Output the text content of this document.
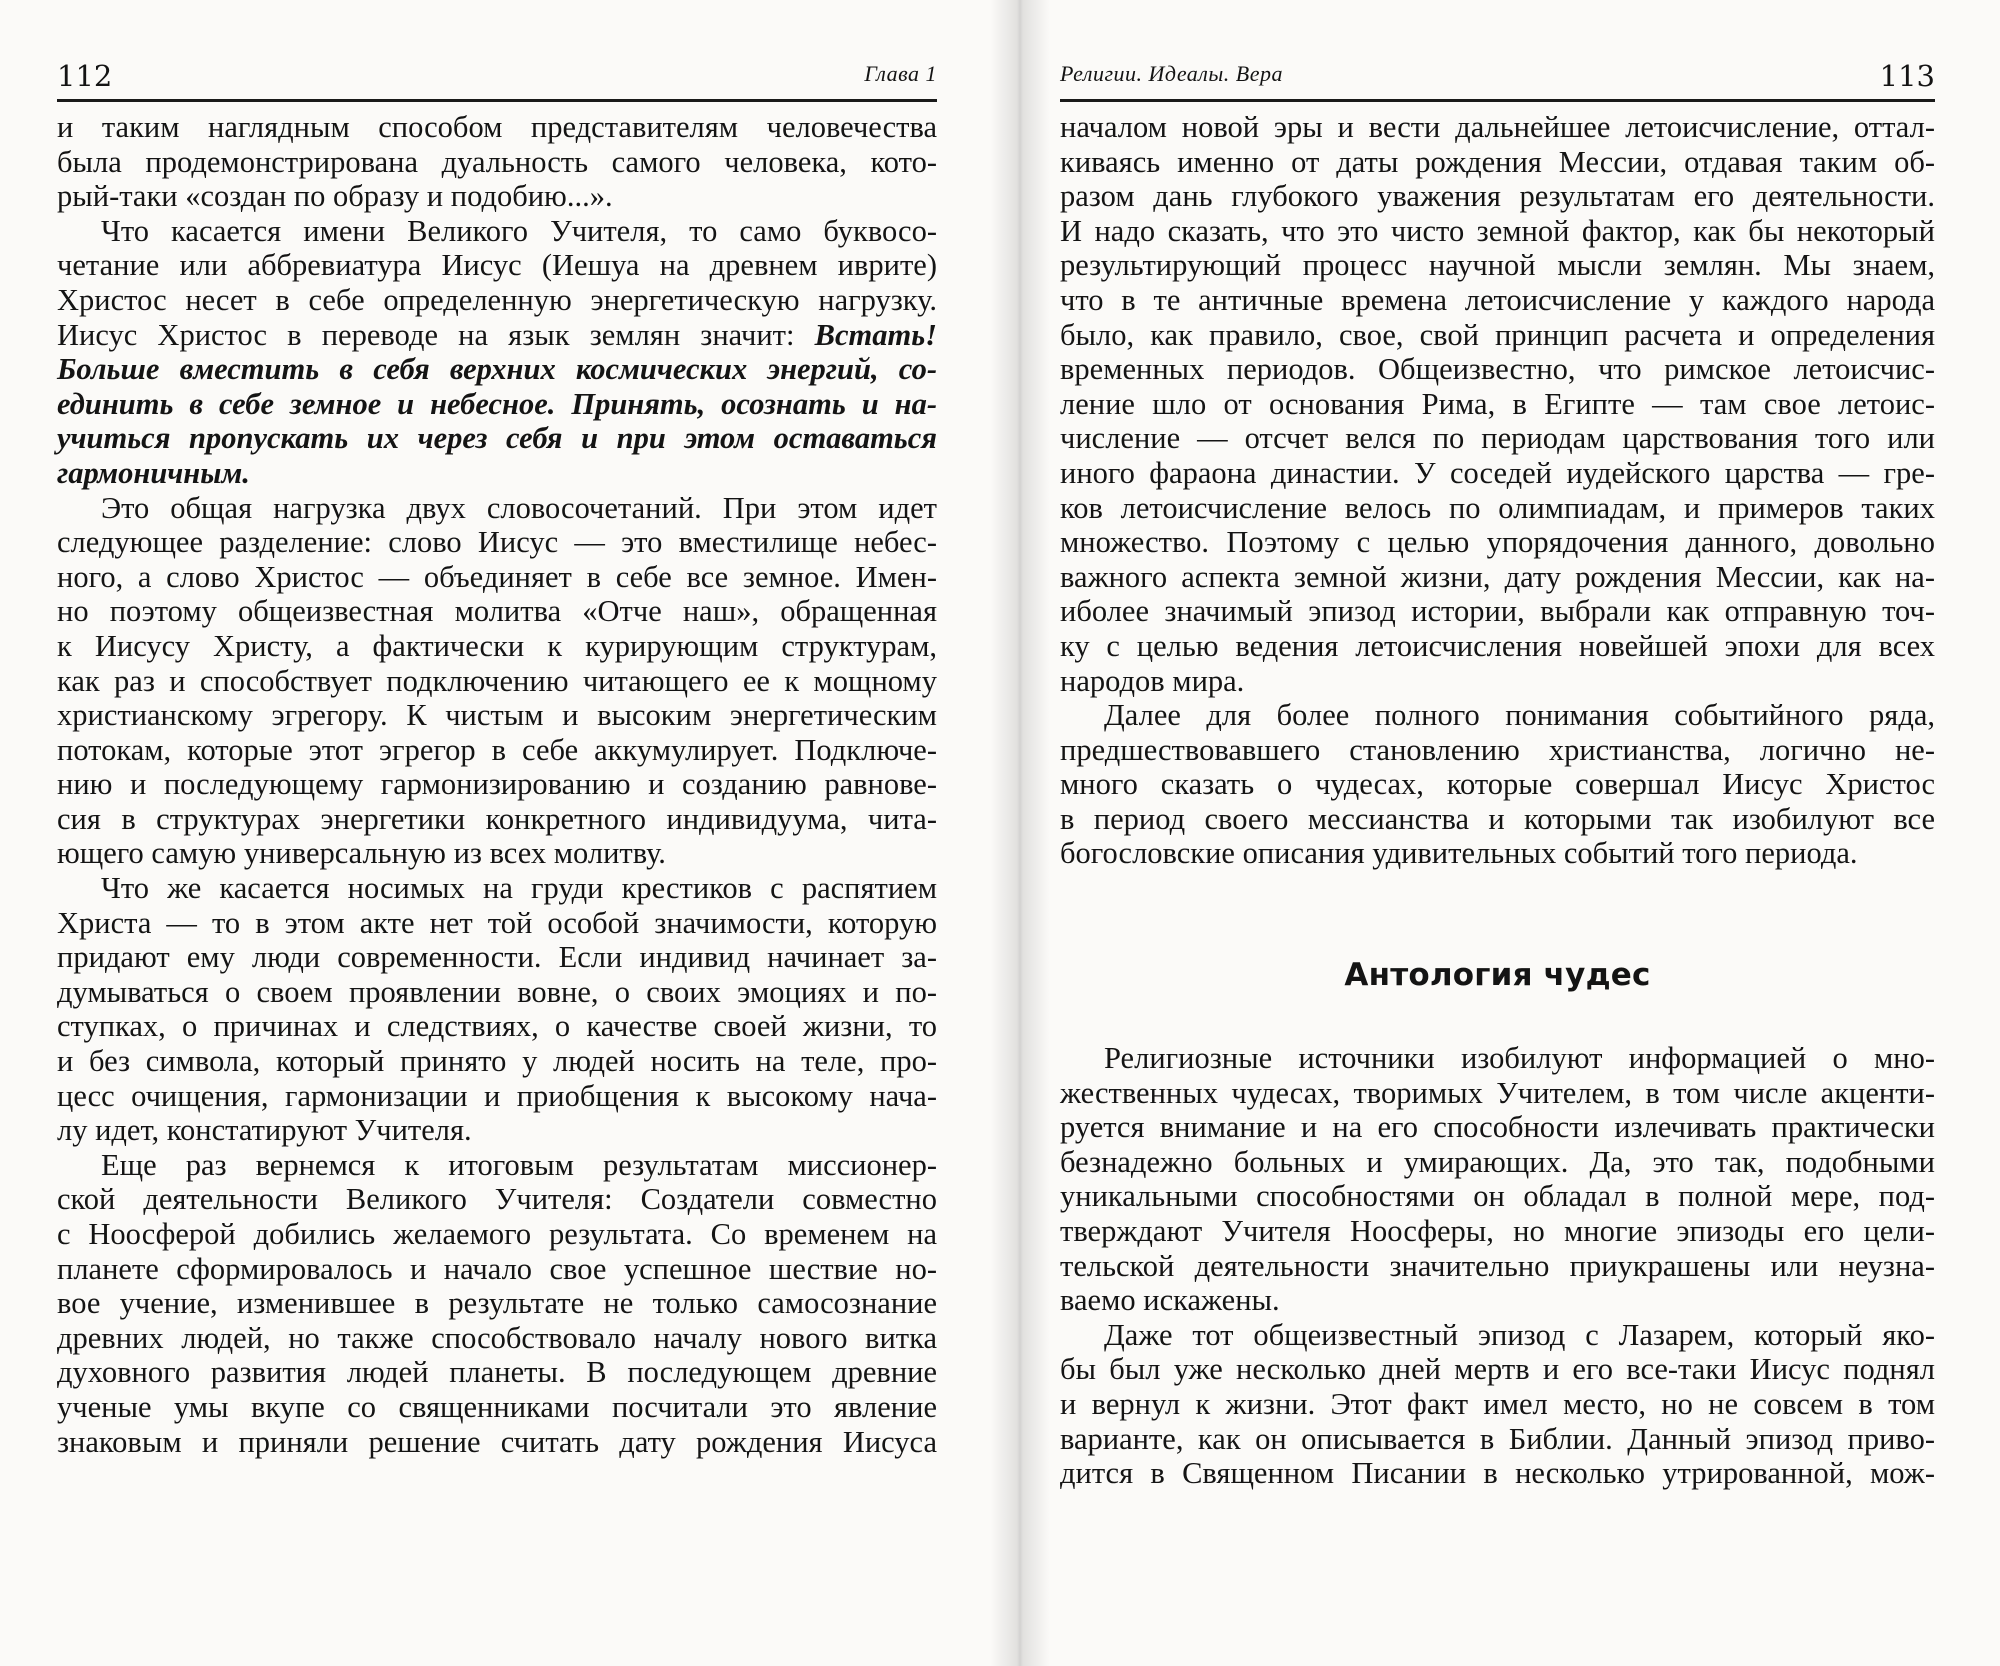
112	Глава 1
и таким наглядным способом представителям человечества
была продемонстрирована дуальность самого человека, кото-
рый-таки «создан по образу и подобию...».
Что касается имени Великого Учителя, то само буквосо-
четание или аббревиатура Иисус (Иешуа на древнем иврите)
Христос несет в себе определенную энергетическую нагрузку.
Иисус Христос в переводе на язык землян значит: Встать!
Больше вместить в себя верхних космических энергий, со-
единить в себе земное и небесное. Принять, осознать и на-
учиться пропускать их через себя и при этом оставаться
гармоничным.
Это общая нагрузка двух словосочетаний. При этом идет
следующее разделение: слово Иисус — это вместилище небес-
ного, а слово Христос — объединяет в себе все земное. Имен-
но поэтому общеизвестная молитва «Отче наш», обращенная
к Иисусу Христу, а фактически к курирующим структурам,
как раз и способствует подключению читающего ее к мощному
христианскому эгрегору. К чистым и высоким энергетическим
потокам, которые этот эгрегор в себе аккумулирует. Подключе-
нию и последующему гармонизированию и созданию равнове-
сия в структурах энергетики конкретного индивидуума, чита-
ющего самую универсальную из всех молитву.
Что же касается носимых на груди крестиков с распятием
Христа — то в этом акте нет той особой значимости, которую
придают ему люди современности. Если индивид начинает за-
думываться о своем проявлении вовне, о своих эмоциях и по-
ступках, о причинах и следствиях, о качестве своей жизни, то
и без символа, который принято у людей носить на теле, про-
цесс очищения, гармонизации и приобщения к высокому нача-
лу идет, констатируют Учителя.
Еще раз вернемся к итоговым результатам миссионер-
ской деятельности Великого Учителя: Создатели совместно
с Ноосферой добились желаемого результата. Со временем на
планете сформировалось и начало свое успешное шествие но-
вое учение, изменившее в результате не только самосознание
древних людей, но также способствовало началу нового витка
духовного развития людей планеты. В последующем древние
ученые умы вкупе со священниками посчитали это явление
знаковым и приняли решение считать дату рождения Иисуса
Религии. Идеалы. Вера	113
началом новой эры и вести дальнейшее летоисчисление, оттал-
киваясь именно от даты рождения Мессии, отдавая таким об-
разом дань глубокого уважения результатам его деятельности.
И надо сказать, что это чисто земной фактор, как бы некоторый
результирующий процесс научной мысли землян. Мы знаем,
что в те античные времена летоисчисление у каждого народа
было, как правило, свое, свой принцип расчета и определения
временных периодов. Общеизвестно, что римское летоисчис-
ление шло от основания Рима, в Египте — там свое летоис-
числение — отсчет велся по периодам царствования того или
иного фараона династии. У соседей иудейского царства — гре-
ков летоисчисление велось по олимпиадам, и примеров таких
множество. Поэтому с целью упорядочения данного, довольно
важного аспекта земной жизни, дату рождения Мессии, как на-
иболее значимый эпизод истории, выбрали как отправную точ-
ку с целью ведения летоисчисления новейшей эпохи для всех
народов мира.
Далее для более полного понимания событийного ряда,
предшествовавшего становлению христианства, логично не-
много сказать о чудесах, которые совершал Иисус Христос
в период своего мессианства и которыми так изобилуют все
богословские описания удивительных событий того периода.
Антология чудес
Религиозные источники изобилуют информацией о мно-
жественных чудесах, творимых Учителем, в том числе акценти-
руется внимание и на его способности излечивать практически
безнадежно больных и умирающих. Да, это так, подобными
уникальными способностями он обладал в полной мере, под-
тверждают Учителя Ноосферы, но многие эпизоды его цели-
тельской деятельности значительно приукрашены или неузна-
ваемо искажены.
Даже тот общеизвестный эпизод с Лазарем, который яко-
бы был уже несколько дней мертв и его все-таки Иисус поднял
и вернул к жизни. Этот факт имел место, но не совсем в том
варианте, как он описывается в Библии. Данный эпизод приво-
дится в Священном Писании в несколько утрированной, мож-
